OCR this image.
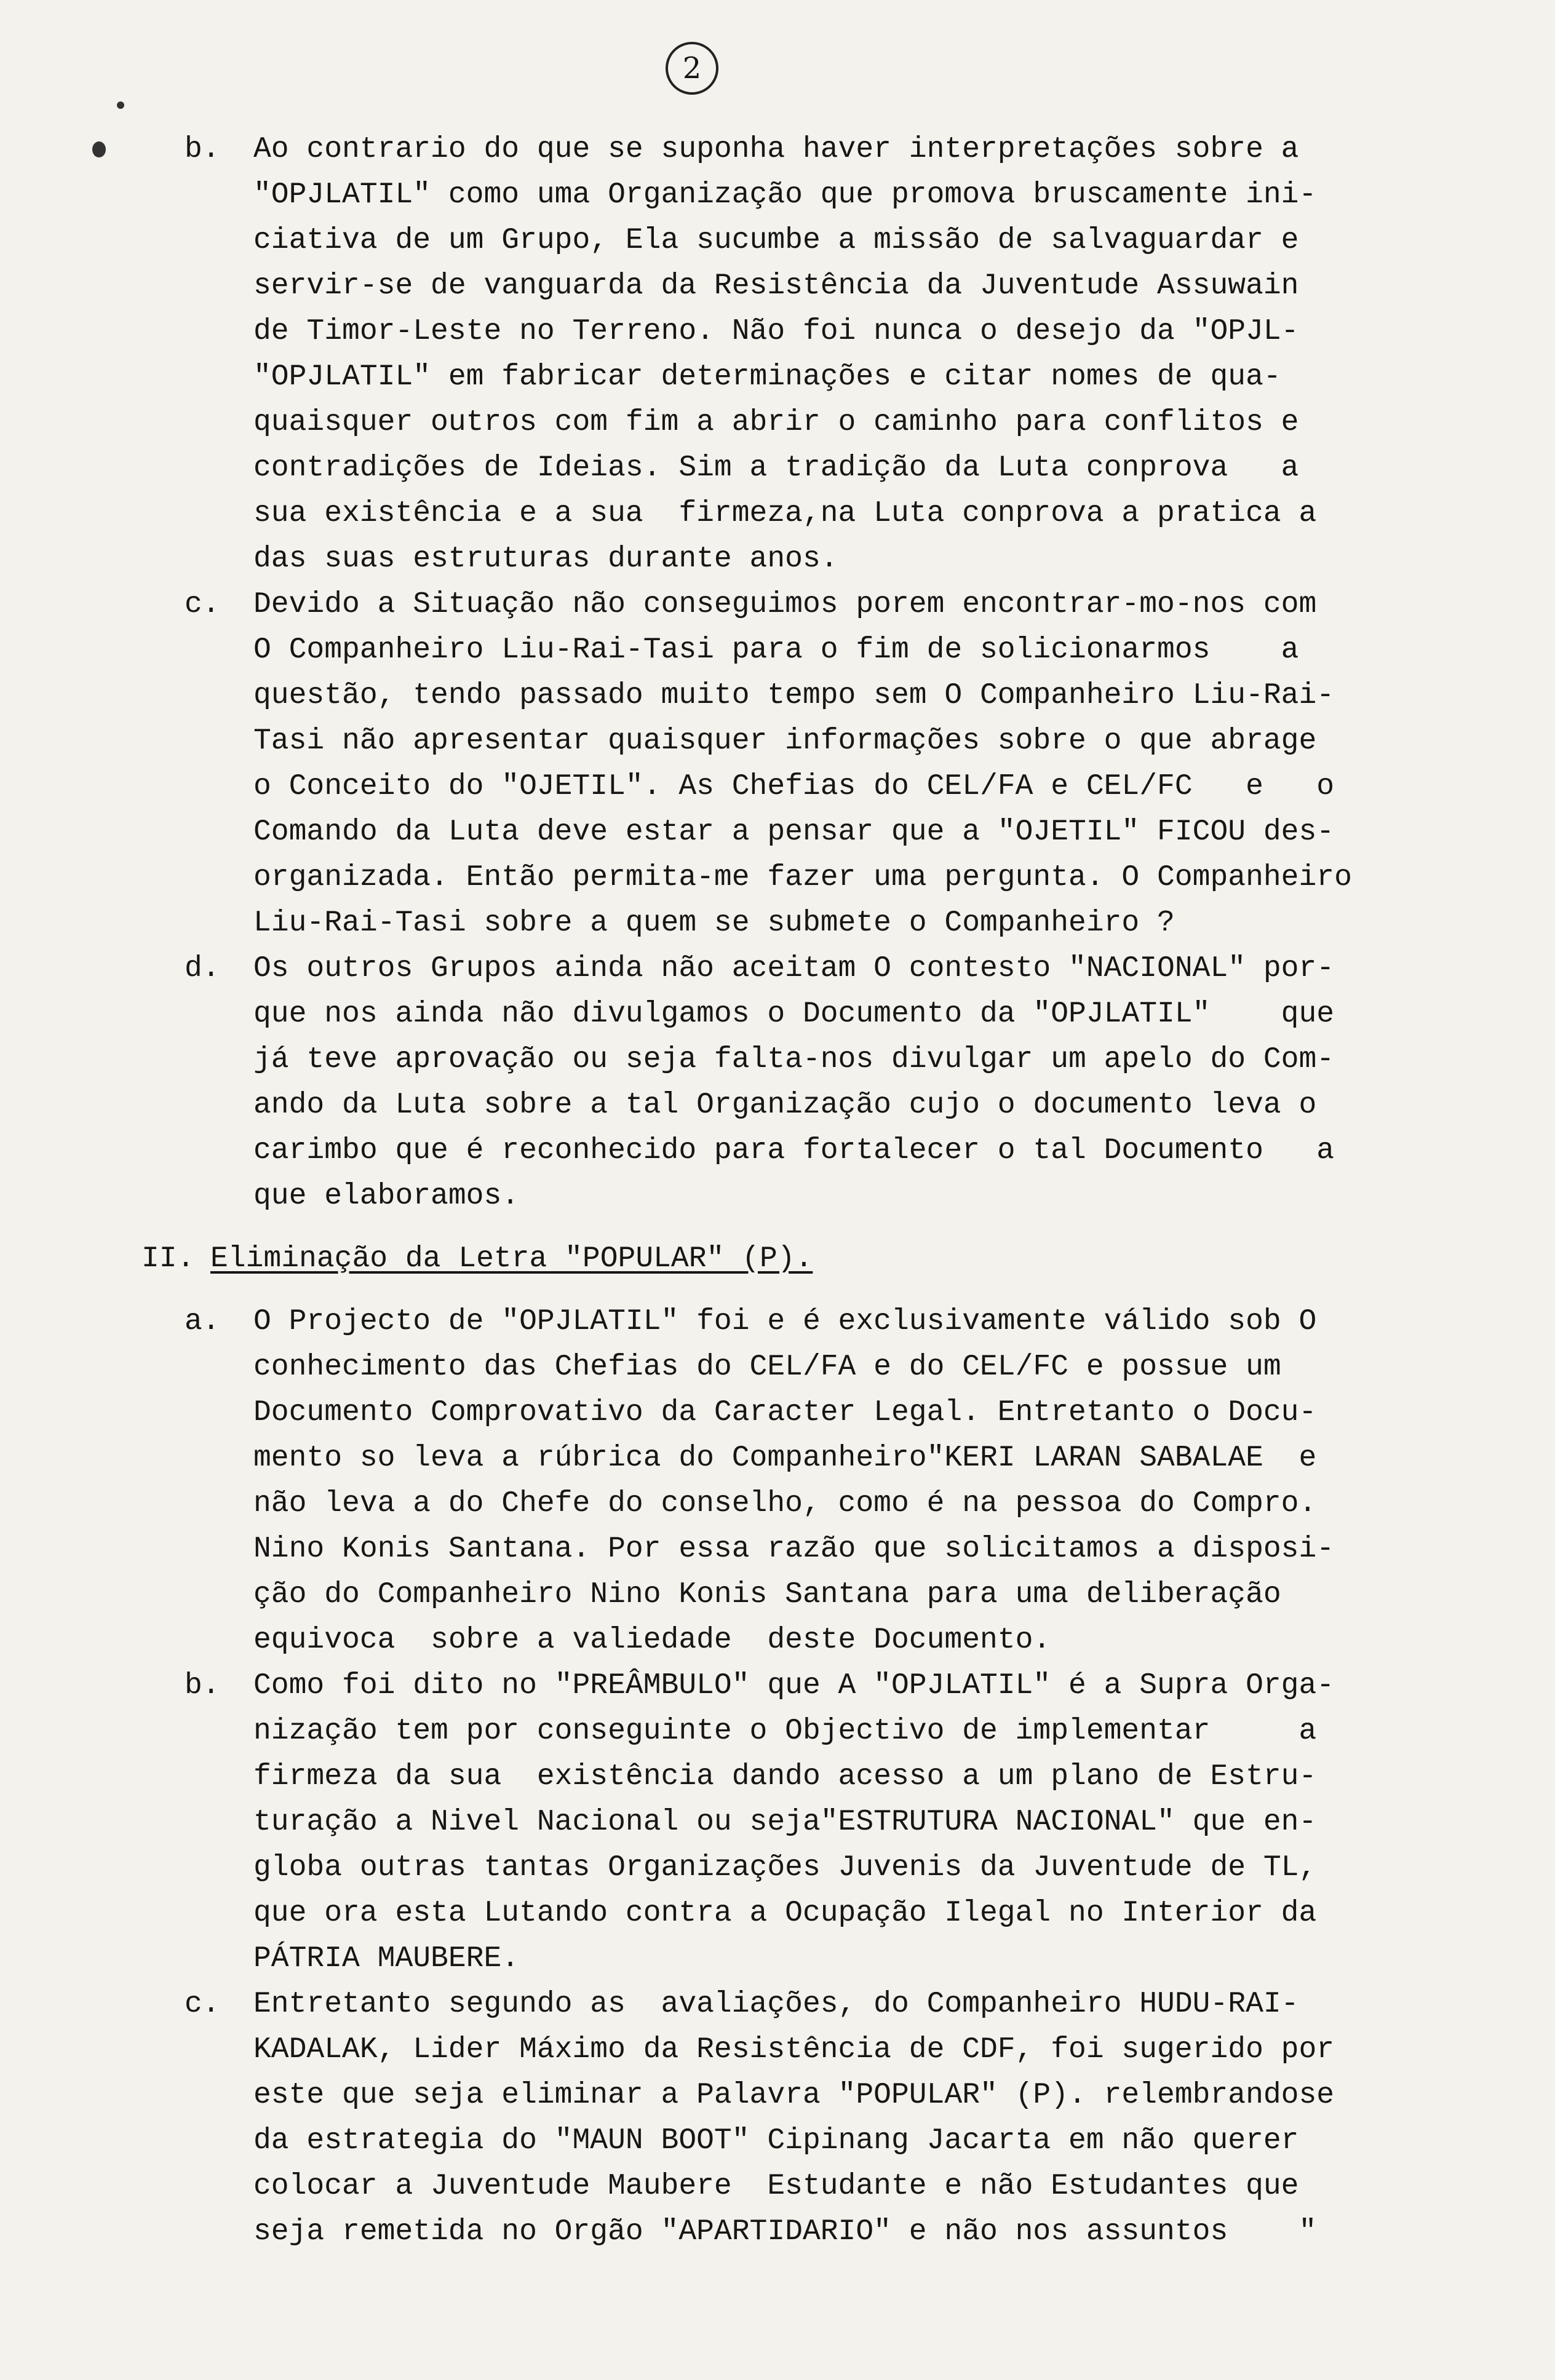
2
b. Ao contrario do que se suponha haver interpretações sobre a
"OPJLATIL" como uma Organização que promova bruscamente ini-
ciativa de um Grupo, Ela sucumbe a missão de salvaguardar e
servir-se de vanguarda da Resistência da Juventude Assuwain
de Timor-Leste no Terreno. Não foi nunca o desejo da "OPJL-
"OPJLATIL" em fabricar determinações e citar nomes de qua-
quaisquer outros com fim a abrir o caminho para conflitos e
contradições de Ideias. Sim a tradição da Luta conprova   a
sua existência e a sua  firmeza,na Luta conprova a pratica a
das suas estruturas durante anos.
c. Devido a Situação não conseguimos porem encontrar-mo-nos com
O Companheiro Liu-Rai-Tasi para o fim de solicionarmos    a
questão, tendo passado muito tempo sem O Companheiro Liu-Rai-
Tasi não apresentar quaisquer informações sobre o que abrage
o Conceito do "OJETIL". As Chefias do CEL/FA e CEL/FC   e   o
Comando da Luta deve estar a pensar que a "OJETIL" FICOU des-
organizada. Então permita-me fazer uma pergunta. O Companheiro
Liu-Rai-Tasi sobre a quem se submete o Companheiro ?
d. Os outros Grupos ainda não aceitam O contesto "NACIONAL" por-
que nos ainda não divulgamos o Documento da "OPJLATIL"    que
já teve aprovação ou seja falta-nos divulgar um apelo do Com-
ando da Luta sobre a tal Organização cujo o documento leva o
carimbo que é reconhecido para fortalecer o tal Documento   a
que elaboramos.
II. Eliminação da Letra "POPULAR" (P).
a. O Projecto de "OPJLATIL" foi e é exclusivamente válido sob O
conhecimento das Chefias do CEL/FA e do CEL/FC e possue um
Documento Comprovativo da Caracter Legal. Entretanto o Docu-
mento so leva a rúbrica do Companheiro"KERI LARAN SABALAE  e
não leva a do Chefe do conselho, como é na pessoa do Compro.
Nino Konis Santana. Por essa razão que solicitamos a disposi-
ção do Companheiro Nino Konis Santana para uma deliberação
equivoca  sobre a valiedade  deste Documento.
b. Como foi dito no "PREÂMBULO" que A "OPJLATIL" é a Supra Orga-
nização tem por conseguinte o Objectivo de implementar     a
firmeza da sua  existência dando acesso a um plano de Estru-
turação a Nivel Nacional ou seja"ESTRUTURA NACIONAL" que en-
globa outras tantas Organizações Juvenis da Juventude de TL,
que ora esta Lutando contra a Ocupação Ilegal no Interior da
PÁTRIA MAUBERE.
c. Entretanto segundo as  avaliações, do Companheiro HUDU-RAI-
KADALAK, Lider Máximo da Resistência de CDF, foi sugerido por
este que seja eliminar a Palavra "POPULAR" (P). relembrandose
da estrategia do "MAUN BOOT" Cipinang Jacarta em não querer
colocar a Juventude Maubere  Estudante e não Estudantes que
seja remetida no Orgão "APARTIDARIO" e não nos assuntos    "
